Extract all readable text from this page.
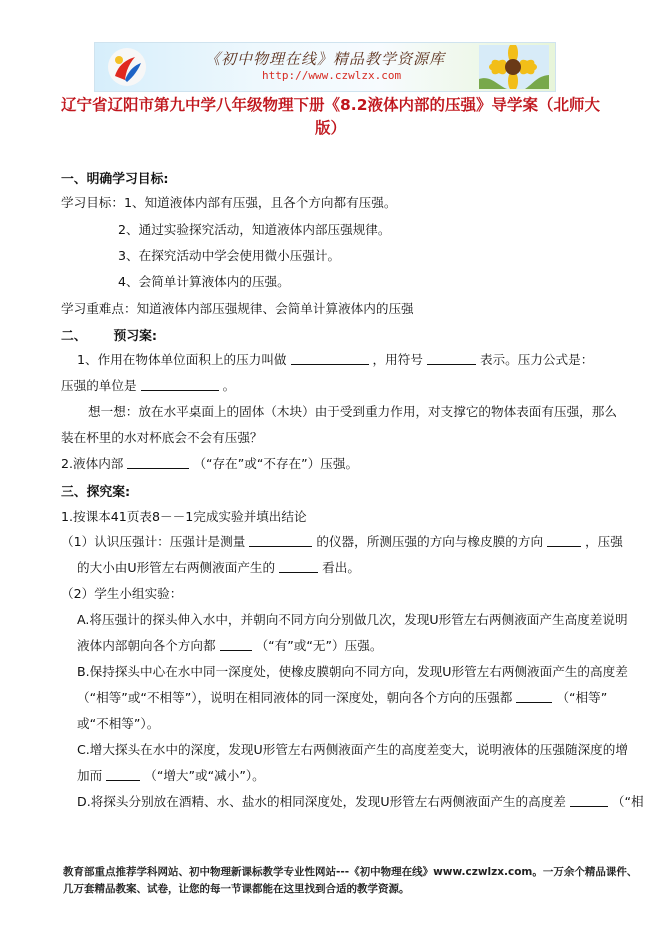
《初中物理在线》精品教学资源库
http://www.czwlzx.com
辽宁省辽阳市第九中学八年级物理下册《8.2液体内部的压强》导学案（北师大版）
一、明确学习目标:
学习目标：1、知道液体内部有压强，且各个方向都有压强。
2、通过实验探究活动，知道液体内部压强规律。
3、在探究活动中学会使用微小压强计。
4、会简单计算液体内的压强。
学习重难点：知道液体内部压强规律、会简单计算液体内的压强
二、 预习案:
1、作用在物体单位面积上的压力叫做	，用符号	表示。压力公式是：
压强的单位是	。
想一想：放在水平桌面上的固体（木块）由于受到重力作用，对支撑它的物体表面有压强，那么
装在杯里的水对杯底会不会有压强？
2.液体内部	（“存在”或“不存在”）压强。
三、探究案:
1.按课本41页表8－－1完成实验并填出结论
（1）认识压强计：压强计是测量	的仪器，所测压强的方向与橡皮膜的方向	，压强
的大小由U形管左右两侧液面产生的	看出。
（2）学生小组实验：
A.将压强计的探头伸入水中，并朝向不同方向分别做几次，发现U形管左右两侧液面产生高度差说明
液体内部朝向各个方向都	（“有”或“无”）压强。
B.保持探头中心在水中同一深度处，使橡皮膜朝向不同方向，发现U形管左右两侧液面产生的高度差
（“相等”或“不相等”），说明在相同液体的同一深度处，朝向各个方向的压强都	（“相等”
或“不相等”）。
C.增大探头在水中的深度，发现U形管左右两侧液面产生的高度差变大，说明液体的压强随深度的增
加而	（“增大”或“减小”）。
D.将探头分别放在酒精、水、盐水的相同深度处，发现U形管左右两侧液面产生的高度差	（“相
教育部重点推荐学科网站、初中物理新课标教学专业性网站---《初中物理在线》www.czwlzx.com。一万余个精品课件、
几万套精品教案、试卷，让您的每一节课都能在这里找到合适的教学资源。
